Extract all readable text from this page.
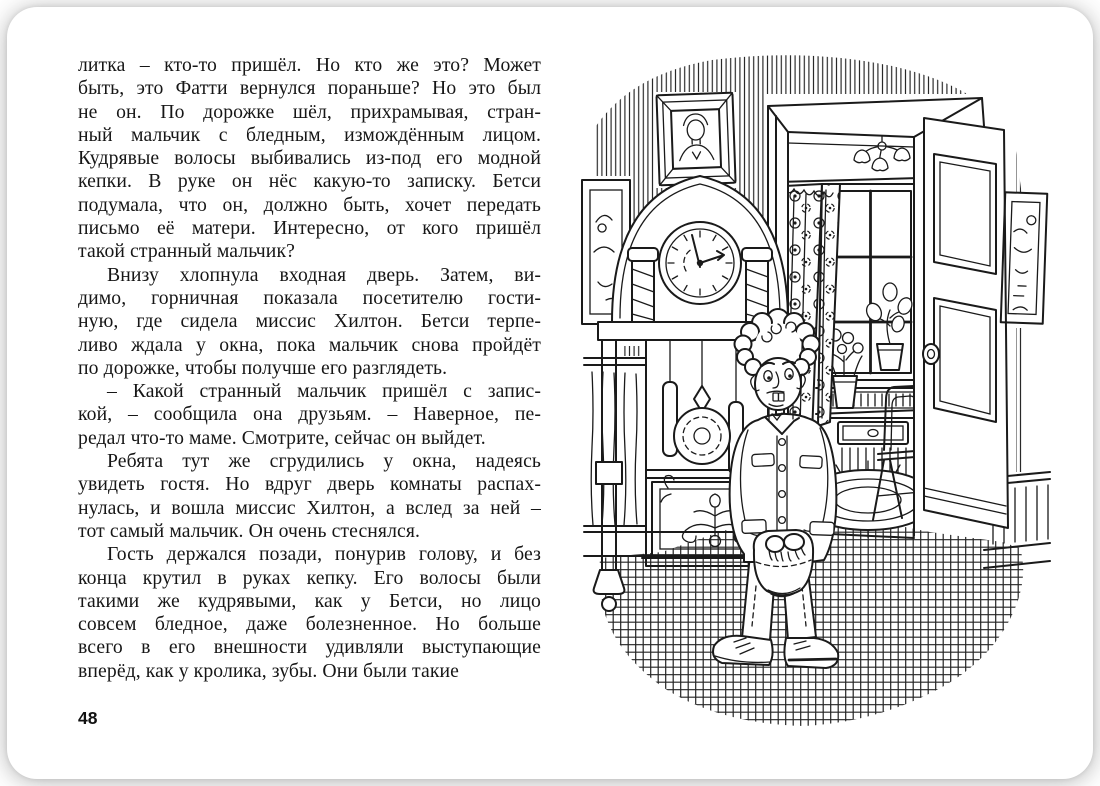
литка – кто-то пришёл. Но кто же это? Может
быть, это Фатти вернулся пораньше? Но это был
не он. По дорожке шёл, прихрамывая, стран-
ный мальчик с бледным, измождённым лицом.
Кудрявые волосы выбивались из-под его модной
кепки. В руке он нёс какую-то записку. Бетси
подумала, что он, должно быть, хочет передать
письмо её матери. Интересно, от кого пришёл
такой странный мальчик?
Внизу хлопнула входная дверь. Затем, ви-
димо, горничная показала посетителю гости-
ную, где сидела миссис Хилтон. Бетси терпе-
ливо ждала у окна, пока мальчик снова пройдёт
по дорожке, чтобы получше его разглядеть.
– Какой странный мальчик пришёл с запис-
кой, – сообщила она друзьям. – Наверное, пе-
редал что-то маме. Смотрите, сейчас он выйдет.
Ребята тут же сгрудились у окна, надеясь
увидеть гостя. Но вдруг дверь комнаты распах-
нулась, и вошла миссис Хилтон, а вслед за ней –
тот самый мальчик. Он очень стеснялся.
Гость держался позади, понурив голову, и без
конца крутил в руках кепку. Его волосы были
такими же кудрявыми, как у Бетси, но лицо
совсем бледное, даже болезненное. Но больше
всего в его внешности удивляли выступающие
вперёд, как у кролика, зубы. Они были такие
48
